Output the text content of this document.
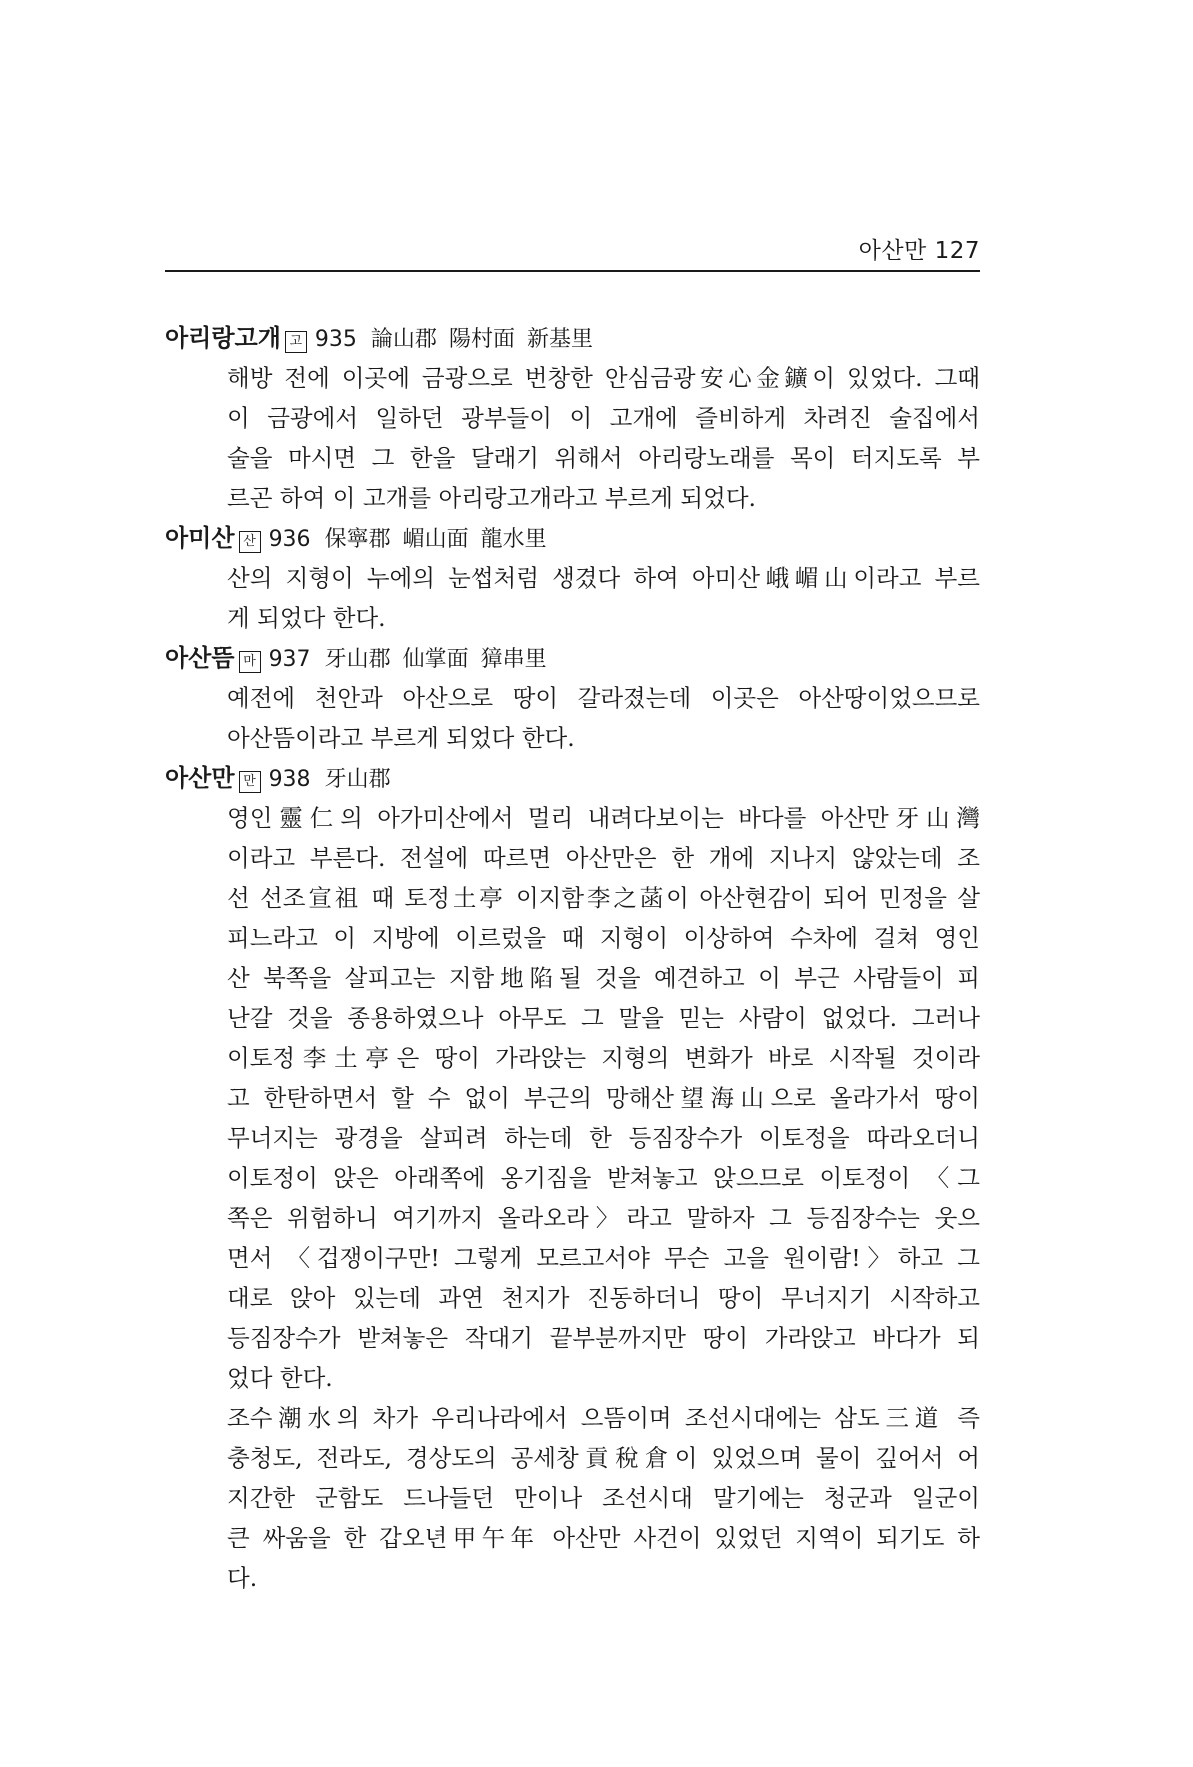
아산만 127
아리랑고개 고 935 論山郡 陽村面 新基里
해방 전에 이곳에 금광으로 번창한 안심금광安心金鑛이 있었다. 그때
이 금광에서 일하던 광부들이 이 고개에 즐비하게 차려진 술집에서
술을 마시면 그 한을 달래기 위해서 아리랑노래를 목이 터지도록 부
르곤 하여 이 고개를 아리랑고개라고 부르게 되었다.
아미산 산 936 保寧郡 嵋山面 龍水里
산의 지형이 누에의 눈썹처럼 생겼다 하여 아미산峨嵋山이라고 부르
게 되었다 한다.
아산뜸 마 937 牙山郡 仙掌面 獐串里
예전에 천안과 아산으로 땅이 갈라졌는데 이곳은 아산땅이었으므로
아산뜸이라고 부르게 되었다 한다.
아산만 만 938 牙山郡
영인靈仁의 아가미산에서 멀리 내려다보이는 바다를 아산만牙山灣
이라고 부른다. 전설에 따르면 아산만은 한 개에 지나지 않았는데 조
선 선조宣祖 때 토정土亭 이지함李之菡이 아산현감이 되어 민정을 살
피느라고 이 지방에 이르렀을 때 지형이 이상하여 수차에 걸쳐 영인
산 북쪽을 살피고는 지함地陷될 것을 예견하고 이 부근 사람들이 피
난갈 것을 종용하였으나 아무도 그 말을 믿는 사람이 없었다. 그러나
이토정李土亭은 땅이 가라앉는 지형의 변화가 바로 시작될 것이라
고 한탄하면서 할 수 없이 부근의 망해산望海山으로 올라가서 땅이
무너지는 광경을 살피려 하는데 한 등짐장수가 이토정을 따라오더니
이토정이 앉은 아래쪽에 옹기짐을 받쳐놓고 앉으므로 이토정이 〈그
쪽은 위험하니 여기까지 올라오라〉라고 말하자 그 등짐장수는 웃으
면서 〈겁쟁이구만! 그렇게 모르고서야 무슨 고을 원이람!〉하고 그
대로 앉아 있는데 과연 천지가 진동하더니 땅이 무너지기 시작하고
등짐장수가 받쳐놓은 작대기 끝부분까지만 땅이 가라앉고 바다가 되
었다 한다.
조수潮水의 차가 우리나라에서 으뜸이며 조선시대에는 삼도三道 즉
충청도, 전라도, 경상도의 공세창貢稅倉이 있었으며 물이 깊어서 어
지간한 군함도 드나들던 만이나 조선시대 말기에는 청군과 일군이
큰 싸움을 한 갑오년甲午年 아산만 사건이 있었던 지역이 되기도 하
다.
